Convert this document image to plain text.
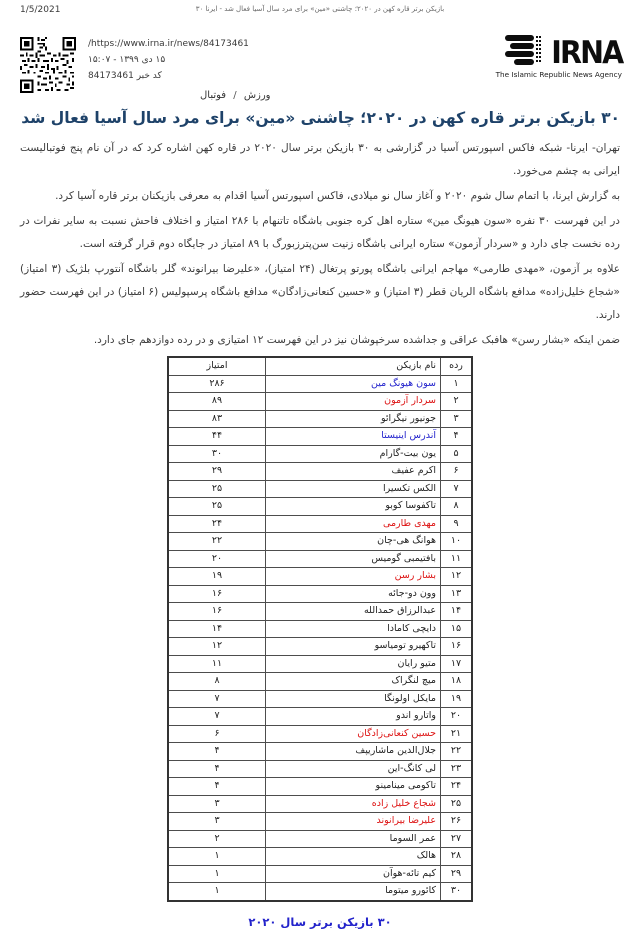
1/5/2021	۳۰ بازیکن برتر قاره کهن در ۲۰۲۰؛ چاشنی «مین» برای مرد سال آسیا فعال شد - ایرنا
https://www.irna.ir/news/84173461/
۱۵ دی ۱۳۹۹ - ۱۵:۰۷
کد خبر 84173461
ورزش / فوتبال
IRNA
The Islamic Republic News Agency
۳۰ بازیکن برتر قاره کهن در ۲۰۲۰؛ چاشنی «مین» برای مرد سال آسیا فعال شد

تهران- ایرنا- شبکه فاکس اسپورتس آسیا در گزارشی به ۳۰ بازیکن برتر سال ۲۰۲۰ در قاره کهن اشاره کرد که در آن نام پنج فوتبالیست ایرانی به چشم می‌خورد.

به گزارش ایرنا، با اتمام سال شوم ۲۰۲۰ و آغاز سال نو میلادی، فاکس اسپورتس آسیا اقدام به معرفی بازیکنان برتر قاره آسیا کرد.

در این فهرست ۳۰ نفره «سون هیونگ مین» ستاره اهل کره جنوبی باشگاه تاتنهام با ۲۸۶ امتیاز و اختلاف فاحش نسبت به سایر نفرات در رده نخست جای دارد و «سردار آزمون» ستاره ایرانی باشگاه زنیت سن‌پترزبورگ با ۸۹ امتیاز در جایگاه دوم قرار گرفته است.

علاوه بر آزمون، «مهدی طارمی» مهاجم ایرانی باشگاه پورتو پرتغال (۲۴ امتیاز)، «علیرضا بیرانوند» گلر باشگاه آنتورپ بلژیک (۳ امتیاز) «شجاع خلیل‌زاده» مدافع باشگاه الریان قطر (۳ امتیاز) و «حسین کنعانی‌زادگان» مدافع باشگاه پرسپولیس (۶ امتیاز) در این فهرست حضور دارند.

ضمن اینکه «بشار رسن» هافبک عراقی و جداشده سرخپوشان نیز در این فهرست ۱۲ امتیازی و در رده دوازدهم جای دارد.

رده	نام بازیکن	امتیاز
۱	سون هیونگ مین	۲۸۶
۲	سردار آزمون	۸۹
۳	جونیور نیگرائو	۸۳
۴	آندرس اینیستا	۴۴
۵	یون بیت-گارام	۳۰
۶	اکرم عفیف	۲۹
۷	الکس تکسیرا	۲۵
۸	تاکفوسا کوبو	۲۵
۹	مهدی طارمی	۲۴
۱۰	هوانگ هی-چان	۲۲
۱۱	بافتیمبی گومیس	۲۰
۱۲	بشار رسن	۱۹
۱۳	وون دو-جائه	۱۶
۱۴	عبدالرزاق حمدالله	۱۶
۱۵	دایچی کامادا	۱۴
۱۶	تاکهیرو تومیاسو	۱۲
۱۷	متیو رایان	۱۱
۱۸	میچ لنگراک	۸
۱۹	مایکل اولونگا	۷
۲۰	واتارو اندو	۷
۲۱	حسین کنعانی‌زادگان	۶
۲۲	جلال‌الدین ماشاریپف	۴
۲۳	لی کانگ-این	۴
۲۴	تاکومی مینامینو	۴
۲۵	شجاع خلیل زاده	۳
۲۶	علیرضا بیرانوند	۳
۲۷	عمر السوما	۲
۲۸	هالک	۱
۲۹	کیم تائه-هوآن	۱
۳۰	کائورو میتوما	۱
۳۰ بازیکن برتر سال ۲۰۲۰
